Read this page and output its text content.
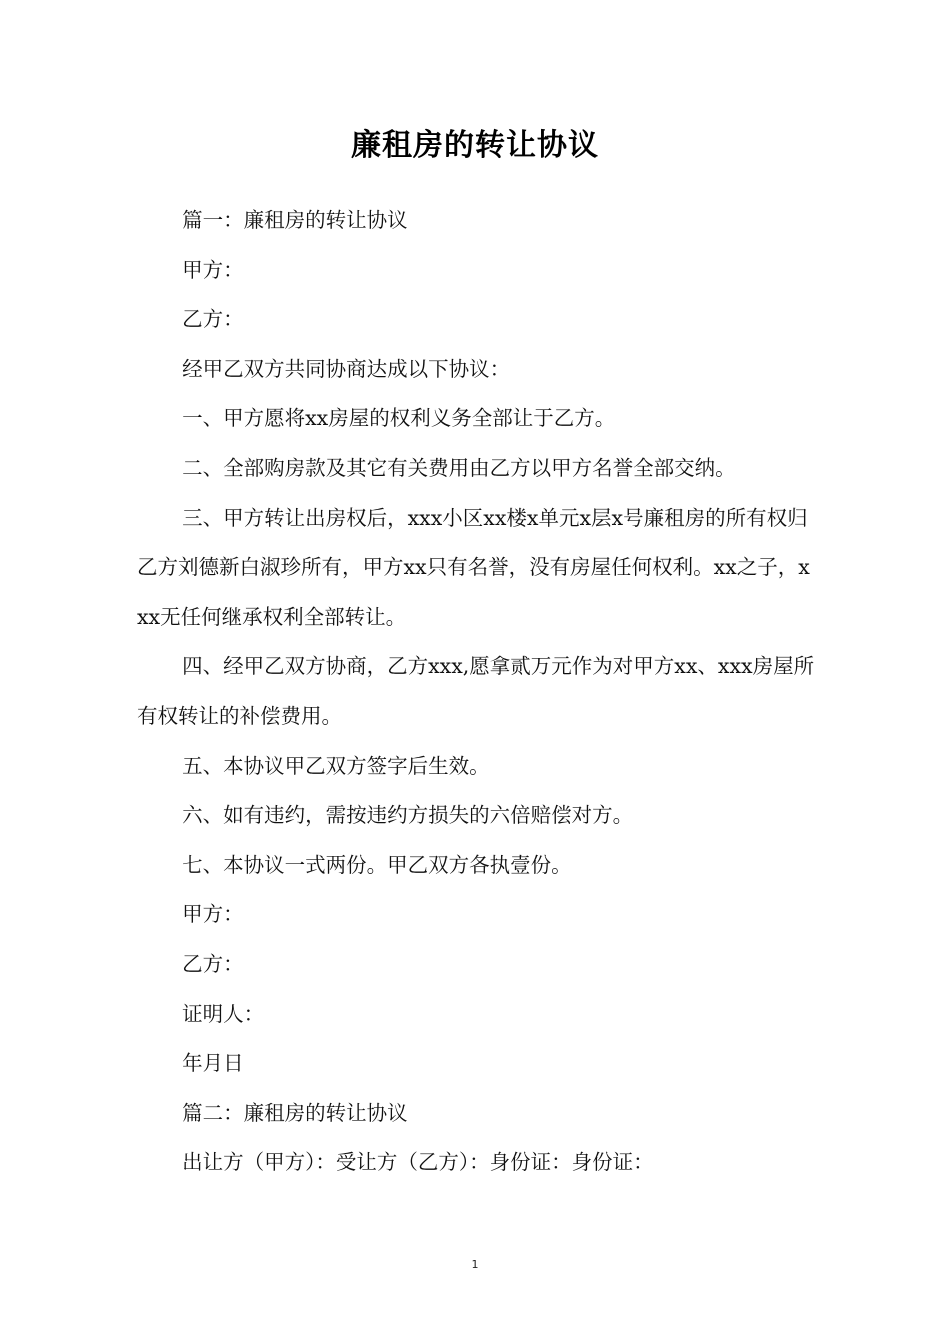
廉租房的转让协议

篇一：廉租房的转让协议

甲方：

乙方：

经甲乙双方共同协商达成以下协议：

一、甲方愿将xx房屋的权利义务全部让于乙方。

二、全部购房款及其它有关费用由乙方以甲方名誉全部交纳。

三、甲方转让出房权后，xxx小区xx楼x单元x层x号廉租房的所有权归乙方刘德新白淑珍所有，甲方xx只有名誉，没有房屋任何权利。xx之子，xxx无任何继承权利全部转让。

四、经甲乙双方协商，乙方xxx,愿拿贰万元作为对甲方xx、xxx房屋所有权转让的补偿费用。

五、本协议甲乙双方签字后生效。

六、如有违约，需按违约方损失的六倍赔偿对方。

七、本协议一式两份。甲乙双方各执壹份。

甲方：

乙方：

证明人：

年月日

篇二：廉租房的转让协议

出让方（甲方）：受让方（乙方）：身份证：身份证：

1
